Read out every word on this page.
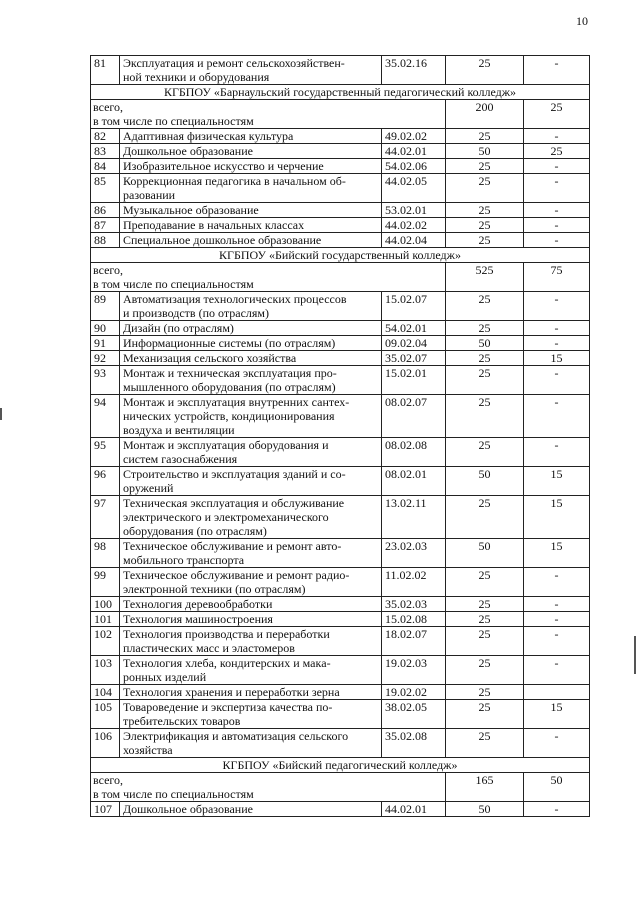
10
81	Эксплуатация и ремонт сельскохозяйствен-
ной техники и оборудования	35.02.16	25	-
КГБПОУ «Барнаульский государственный педагогический колледж»				
всего,
в том числе по специальностям			200	25
82	Адаптивная физическая культура	49.02.02	25	-
83	Дошкольное образование	44.02.01	50	25
84	Изобразительное искусство и черчение	54.02.06	25	-
85	Коррекционная педагогика в начальном об-
разовании	44.02.05	25	-
86	Музыкальное образование	53.02.01	25	-
87	Преподавание в начальных классах	44.02.02	25	-
88	Специальное дошкольное образование	44.02.04	25	-
КГБПОУ «Бийский государственный колледж»				
всего,
в том числе по специальностям			525	75
89	Автоматизация технологических процессов
и производств (по отраслям)	15.02.07	25	-
90	Дизайн (по отраслям)	54.02.01	25	-
91	Информационные системы (по отраслям)	09.02.04	50	-
92	Механизация сельского хозяйства	35.02.07	25	15
93	Монтаж и техническая эксплуатация про-
мышленного оборудования (по отраслям)	15.02.01	25	-
94	Монтаж и эксплуатация внутренних сантех-
нических устройств, кондиционирования
воздуха и вентиляции	08.02.07	25	-
95	Монтаж и эксплуатация оборудования и
систем газоснабжения	08.02.08	25	-
96	Строительство и эксплуатация зданий и со-
оружений	08.02.01	50	15
97	Техническая эксплуатация и обслуживание
электрического и электромеханического
оборудования (по отраслям)	13.02.11	25	15
98	Техническое обслуживание и ремонт авто-
мобильного транспорта	23.02.03	50	15
99	Техническое обслуживание и ремонт радио-
электронной техники (по отраслям)	11.02.02	25	-
100	Технология деревообработки	35.02.03	25	-
101	Технология машиностроения	15.02.08	25	-
102	Технология производства и переработки
пластических масс и эластомеров	18.02.07	25	-
103	Технология хлеба, кондитерских и макa-
ронных изделий	19.02.03	25	-
104	Технология хранения и переработки зерна	19.02.02	25	
105	Товароведение и экспертиза качества по-
требительских товаров	38.02.05	25	15
106	Электрификация и автоматизация сельского
хозяйства	35.02.08	25	-
КГБПОУ «Бийский педагогический колледж»				
всего,
в том числе по специальностям			165	50
107	Дошкольное образование	44.02.01	50	-
